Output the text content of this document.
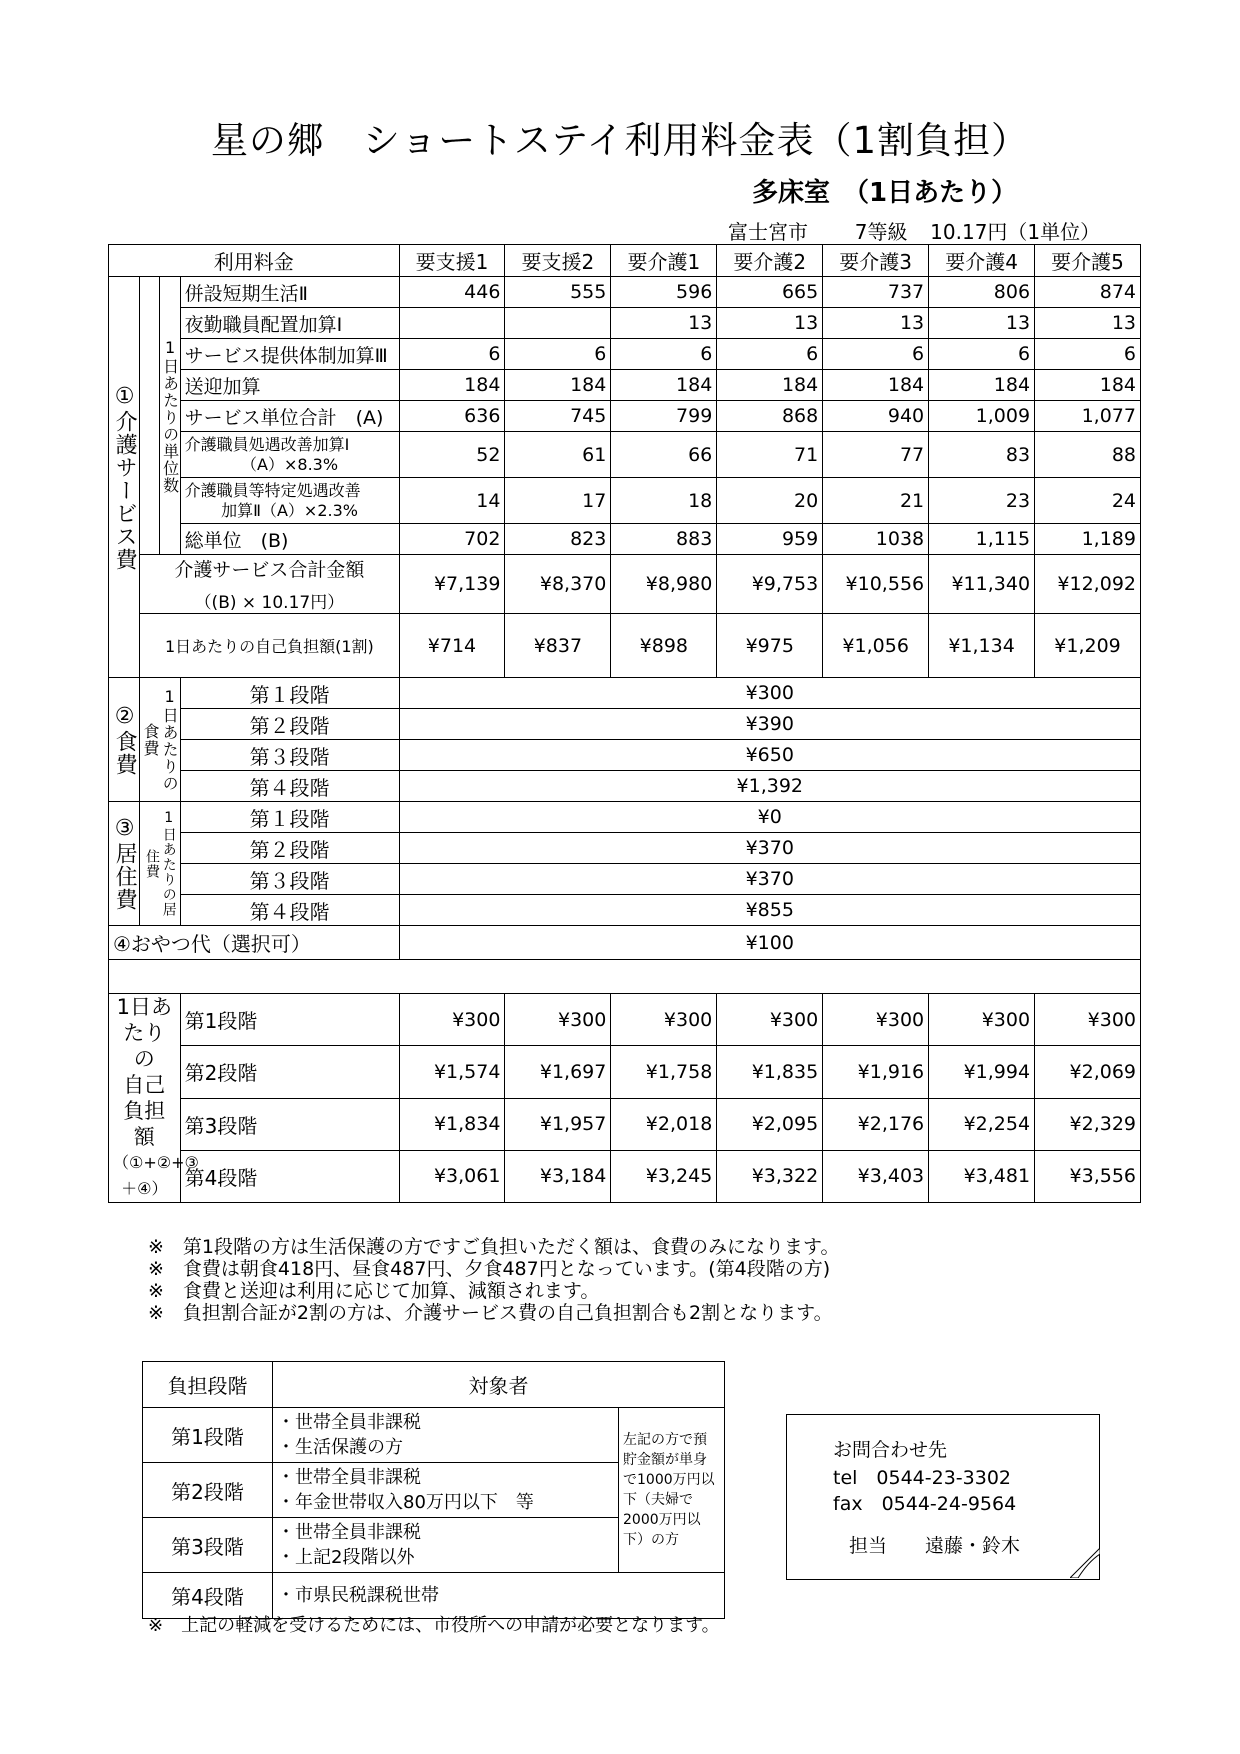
星の郷　ショートステイ利用料金表（1割負担）
多床室　（1日あたり）
富士宮市 7等級 10.17円（1単位）
利用料金				要支援1	要支援2	要介護1	要介護2	要介護3	要介護4	要介護5
①介護サービス費		1日あたりの単位数	併設短期生活Ⅱ	446	555	596	665	737	806	874
			夜勤職員配置加算Ⅰ			13	13	13	13	13
			サービス提供体制加算Ⅲ	6	6	6	6	6	6	6
			送迎加算	184	184	184	184	184	184	184
			サービス単位合計　(A)	636	745	799	868	940	1,009	1,077

			介護職員処遇改善加算Ⅰ
（A）×8.3%	52	61	66	71	77	83	88

			介護職員等特定処遇改善
加算Ⅱ（A）×2.3%	14	17	18	20	21	23	24
			総単位　(B)	702	823	883	959	1038	1,115	1,189

	介護サービス合計金額
（(B) × 10.17円）			¥7,139	¥8,370	¥8,980	¥9,753	¥10,556	¥11,340	¥12,092
	1日あたりの自己負担額(1割)			¥714	¥837	¥898	¥975	¥1,056	¥1,134	¥1,209
②食費	1日あたりの食費		第１段階	¥300						
			第２段階	¥390						
			第３段階	¥650						
			第４段階	¥1,392						
③居住費	1日あたりの居住費		第１段階	¥0						
			第２段階	¥370						
			第３段階	¥370						
			第４段階	¥855						
④おやつ代（選択可）				¥100						

1日あたりの
自己負担額
（①+②+③＋④）			第1段階	¥300	¥300	¥300	¥300	¥300	¥300	¥300
			第2段階	¥1,574	¥1,697	¥1,758	¥1,835	¥1,916	¥1,994	¥2,069
			第3段階	¥1,834	¥1,957	¥2,018	¥2,095	¥2,176	¥2,254	¥2,329
			第4段階	¥3,061	¥3,184	¥3,245	¥3,322	¥3,403	¥3,481	¥3,556
※　第1段階の方は生活保護の方ですご負担いただく額は、食費のみになります。
※　食費は朝食418円、昼食487円、夕食487円となっています。(第4段階の方)
※　食費と送迎は利用に応じて加算、減額されます。
※　負担割合証が2割の方は、介護サービス費の自己負担割合も2割となります。
負担段階	対象者	
第1段階	・世帯全員非課税
・生活保護の方	左記の方で預貯金額が単身で1000万円以下（夫婦で2000万円以下）の方
第2段階	・世帯全員非課税
・年金世帯収入80万円以下　等	

第3段階	・世帯全員非課税
・上記2段階以外	

第4段階	・市県民税課税世帯	
※　上記の軽減を受けるためには、市役所への申請が必要となります。
お問合わせ先
tel　0544-23-3302
fax　0544-24-9564
担当　　遠藤・鈴木
